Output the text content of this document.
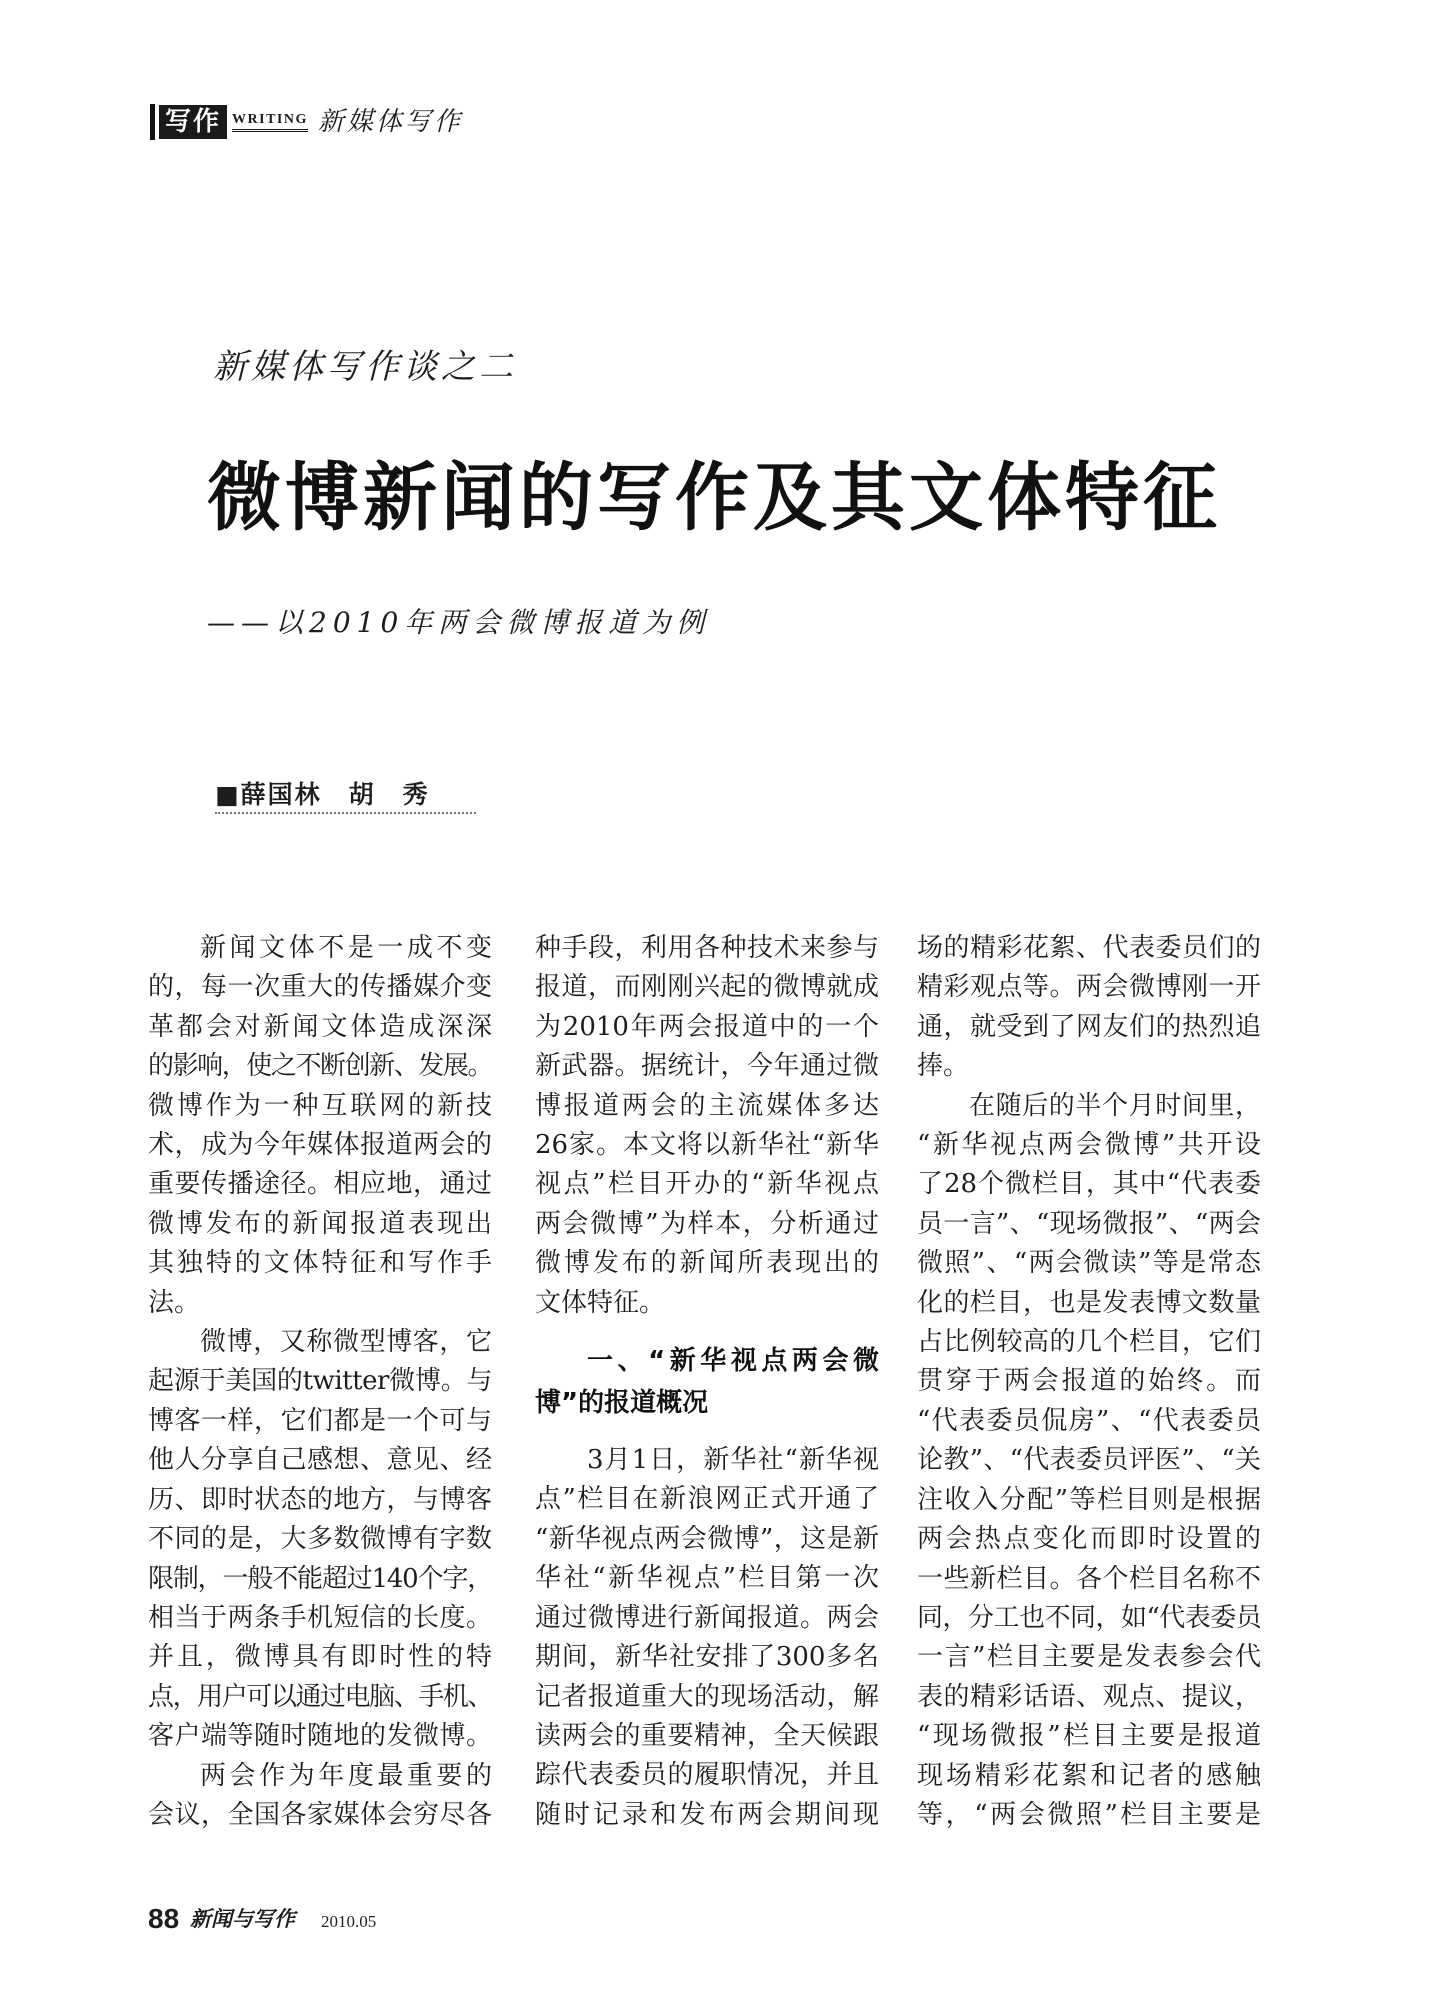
写作 WRITING 新媒体写作
新媒体写作谈之二
微博新闻的写作及其文体特征
——以2010年两会微博报道为例
■薛国林　胡　秀
新闻文体不是一成不变
的，每一次重大的传播媒介变
革都会对新闻文体造成深深
的影响，使之不断创新、发展。
微博作为一种互联网的新技
术，成为今年媒体报道两会的
重要传播途径。相应地，通过
微博发布的新闻报道表现出
其独特的文体特征和写作手
法。
微博，又称微型博客，它
起源于美国的twitter微博。与
博客一样，它们都是一个可与
他人分享自己感想、意见、经
历、即时状态的地方，与博客
不同的是，大多数微博有字数
限制，一般不能超过140个字，
相当于两条手机短信的长度。
并且，微博具有即时性的特
点，用户可以通过电脑、手机、
客户端等随时随地的发微博。
两会作为年度最重要的
会议，全国各家媒体会穷尽各
种手段，利用各种技术来参与
报道，而刚刚兴起的微博就成
为2010年两会报道中的一个
新武器。据统计，今年通过微
博报道两会的主流媒体多达
26家。本文将以新华社“新华
视点”栏目开办的“新华视点
两会微博”为样本，分析通过
微博发布的新闻所表现出的
文体特征。
一、“新华视点两会微
博”的报道概况
3月1日，新华社“新华视
点”栏目在新浪网正式开通了
“新华视点两会微博”，这是新
华社“新华视点”栏目第一次
通过微博进行新闻报道。两会
期间，新华社安排了300多名
记者报道重大的现场活动，解
读两会的重要精神，全天候跟
踪代表委员的履职情况，并且
随时记录和发布两会期间现
场的精彩花絮、代表委员们的
精彩观点等。两会微博刚一开
通，就受到了网友们的热烈追
捧。
在随后的半个月时间里，
“新华视点两会微博”共开设
了28个微栏目，其中“代表委
员一言”、“现场微报”、“两会
微照”、“两会微读”等是常态
化的栏目，也是发表博文数量
占比例较高的几个栏目，它们
贯穿于两会报道的始终。而
“代表委员侃房”、“代表委员
论教”、“代表委员评医”、“关
注收入分配”等栏目则是根据
两会热点变化而即时设置的
一些新栏目。各个栏目名称不
同，分工也不同，如“代表委员
一言”栏目主要是发表参会代
表的精彩话语、观点、提议，
“现场微报”栏目主要是报道
现场精彩花絮和记者的感触
等，“两会微照”栏目主要是
88 新闻与写作 2010.05
